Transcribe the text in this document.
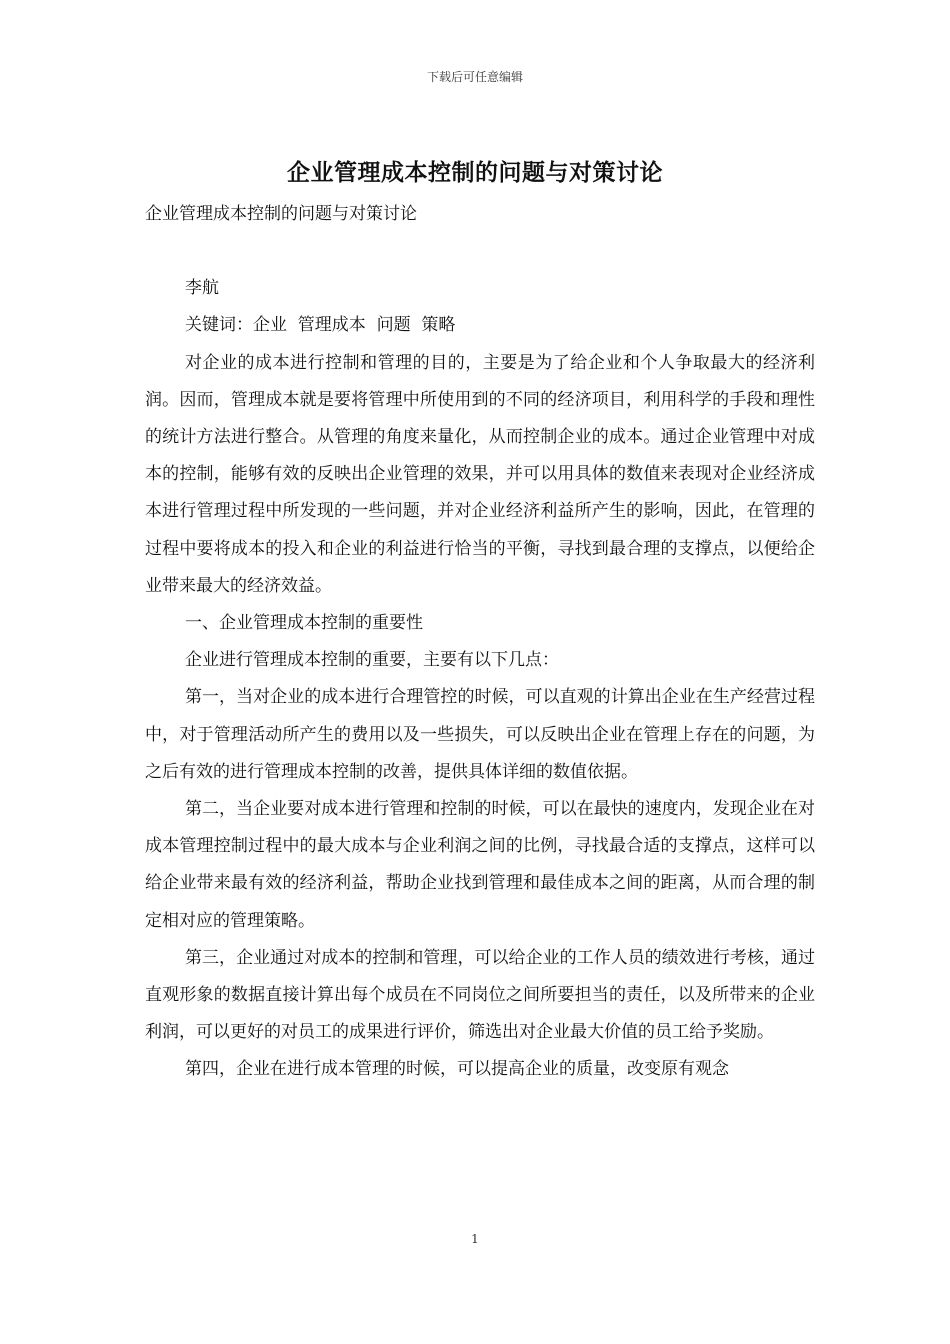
下载后可任意编辑
企业管理成本控制的问题与对策讨论

企业管理成本控制的问题与对策讨论

李航

关键词：企业  管理成本  问题  策略

对企业的成本进行控制和管理的目的，主要是为了给企业和个人争取最大的经济利润。因而，管理成本就是要将管理中所使用到的不同的经济项目，利用科学的手段和理性的统计方法进行整合。从管理的角度来量化，从而控制企业的成本。通过企业管理中对成本的控制，能够有效的反映出企业管理的效果，并可以用具体的数值来表现对企业经济成本进行管理过程中所发现的一些问题，并对企业经济利益所产生的影响，因此，在管理的过程中要将成本的投入和企业的利益进行恰当的平衡，寻找到最合理的支撑点，以便给企业带来最大的经济效益。

一、企业管理成本控制的重要性

企业进行管理成本控制的重要，主要有以下几点：

第一，当对企业的成本进行合理管控的时候，可以直观的计算出企业在生产经营过程中，对于管理活动所产生的费用以及一些损失，可以反映出企业在管理上存在的问题，为之后有效的进行管理成本控制的改善，提供具体详细的数值依据。

第二，当企业要对成本进行管理和控制的时候，可以在最快的速度内，发现企业在对成本管理控制过程中的最大成本与企业利润之间的比例，寻找最合适的支撑点，这样可以给企业带来最有效的经济利益，帮助企业找到管理和最佳成本之间的距离，从而合理的制定相对应的管理策略。

第三，企业通过对成本的控制和管理，可以给企业的工作人员的绩效进行考核，通过直观形象的数据直接计算出每个成员在不同岗位之间所要担当的责任，以及所带来的企业利润，可以更好的对员工的成果进行评价，筛选出对企业最大价值的员工给予奖励。

第四，企业在进行成本管理的时候，可以提高企业的质量，改变原有观念

1
